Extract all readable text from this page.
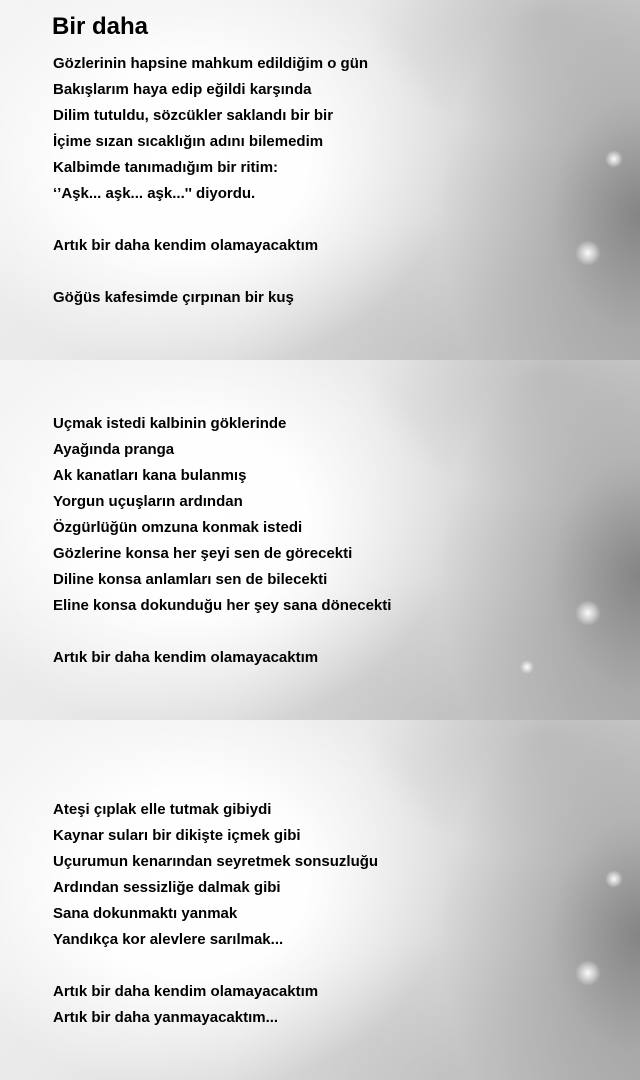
Bir daha
Gözlerinin hapsine mahkum edildiğim o gün
Bakışlarım haya edip eğildi karşında
Dilim tutuldu, sözcükler saklandı bir bir
İçime sızan sıcaklığın adını bilemedim
Kalbimde tanımadığım bir ritim:
‘’Aşk... aşk... aşk...'' diyordu.
Artık bir daha kendim olamayacaktım
Göğüs kafesimde çırpınan bir kuş
Uçmak istedi kalbinin göklerinde
Ayağında pranga
Ak kanatları kana bulanmış
Yorgun uçuşların ardından
Özgürlüğün omzuna konmak istedi
Gözlerine konsa her şeyi sen de görecekti
Diline konsa anlamları sen de bilecekti
Eline konsa dokunduğu her şey sana dönecekti
Artık bir daha kendim olamayacaktım
Ateşi çıplak elle tutmak gibiydi
Kaynar suları bir dikişte içmek gibi
Uçurumun kenarından seyretmek sonsuzluğu
Ardından sessizliğe dalmak gibi
Sana dokunmaktı yanmak
Yandıkça kor alevlere sarılmak...
Artık bir daha kendim olamayacaktım
Artık bir daha yanmayacaktım...
